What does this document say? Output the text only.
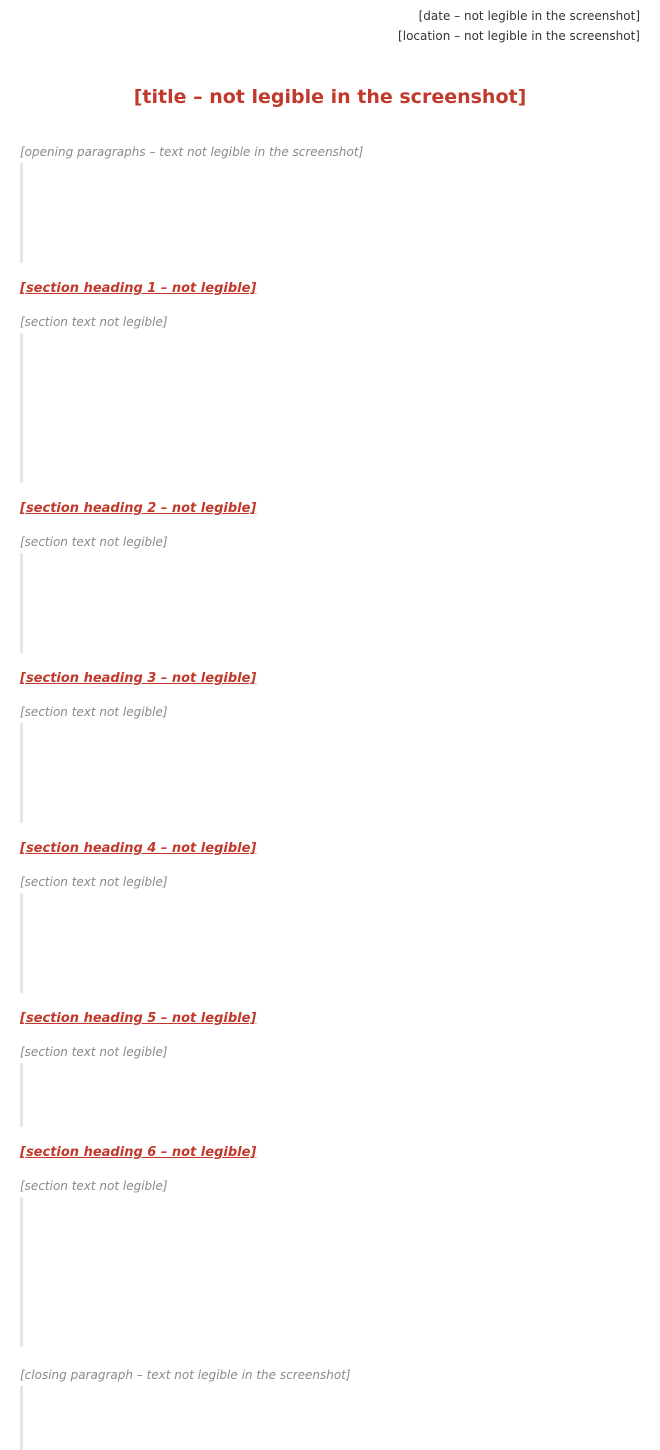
[date – not legible in the screenshot]
[location – not legible in the screenshot]
[title – not legible in the screenshot]
[opening paragraphs – text not legible in the screenshot]
[section heading 1 – not legible]
[section text not legible]
[section heading 2 – not legible]
[section text not legible]
[section heading 3 – not legible]
[section text not legible]
[section heading 4 – not legible]
[section text not legible]
[section heading 5 – not legible]
[section text not legible]
[section heading 6 – not legible]
[section text not legible]
[closing paragraph – text not legible in the screenshot]
